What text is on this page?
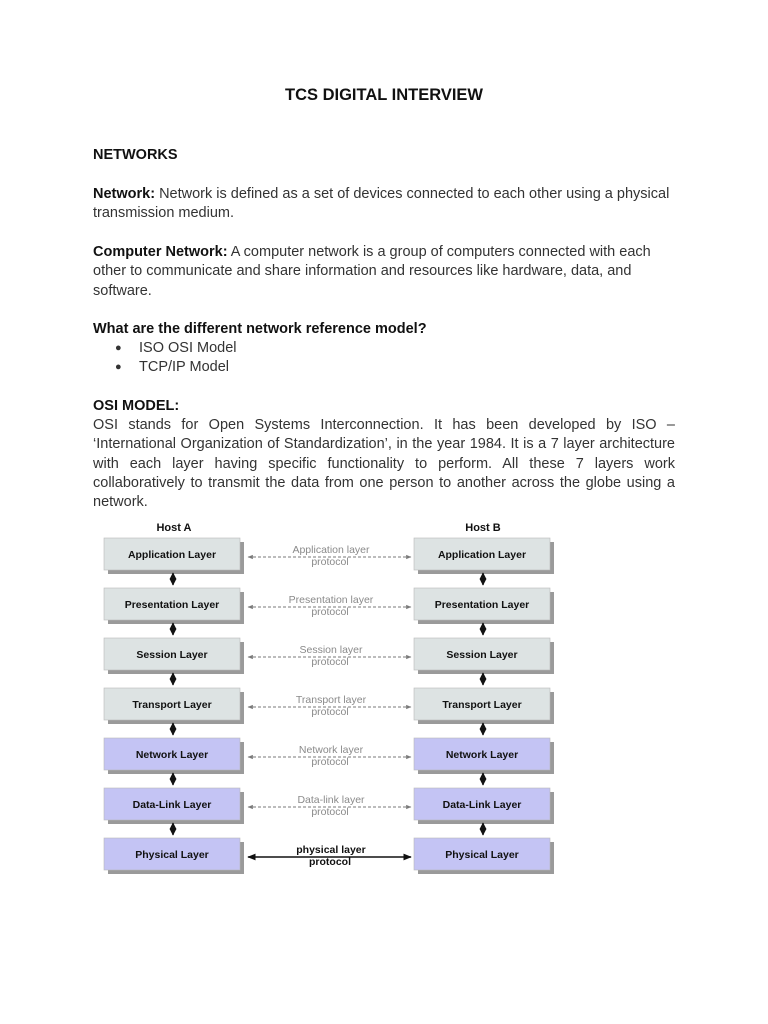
TCS DIGITAL INTERVIEW
NETWORKS
Network: Network is defined as a set of devices connected to each other using a physical transmission medium.
Computer Network: A computer network is a group of computers connected with each other to communicate and share information and resources like hardware, data, and software.
What are the different network reference model?
● ISO OSI Model
● TCP/IP Model
OSI MODEL:
OSI stands for Open Systems Interconnection. It has been developed by ISO – ‘International Organization of Standardization’, in the year 1984. It is a 7 layer architecture with each layer having specific functionality to perform. All these 7 layers work collaboratively to transmit the data from one person to another across the globe using a network.
Host A	Host B
Application Layer	Application Layer
Application layer
protocol
Presentation Layer	Presentation Layer
Presentation layer
protocol
Session Layer	Session Layer
Session layer
protocol
Transport Layer	Transport Layer
Transport layer
protocol
Network Layer	Network Layer
Network layer
protocol
Data-Link Layer	Data-Link Layer
Data-link layer
protocol
Physical Layer	Physical Layer
physical layer
protocol
